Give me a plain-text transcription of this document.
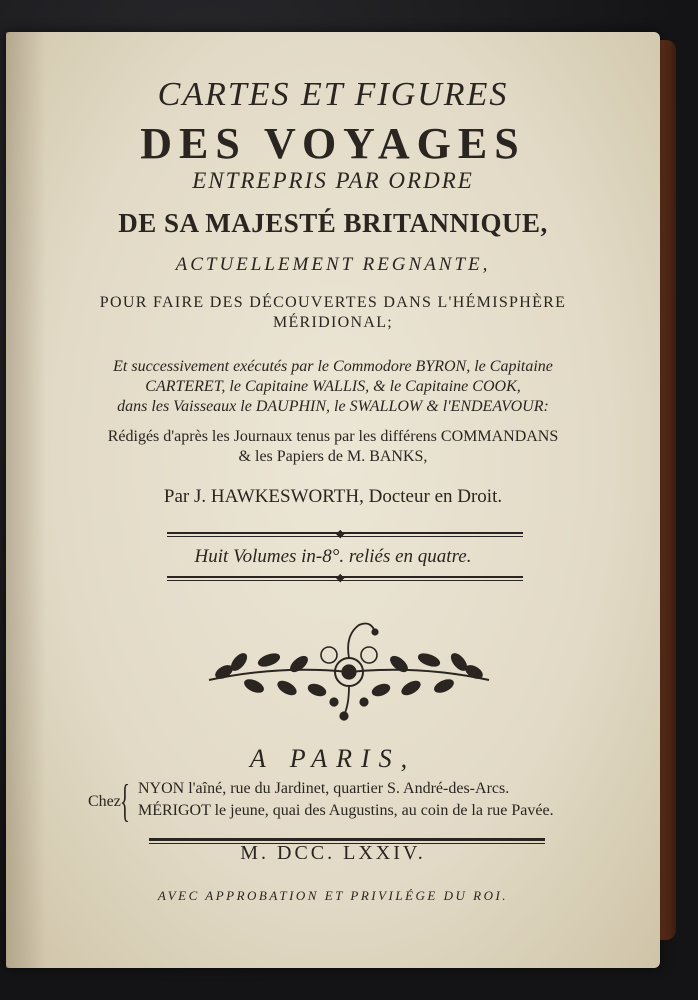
CARTES ET FIGURES
DES VOYAGES
ENTREPRIS PAR ORDRE
DE SA MAJESTÉ BRITANNIQUE,
ACTUELLEMENT REGNANTE,
POUR FAIRE DES DÉCOUVERTES DANS L'HÉMISPHÈRE
MÉRIDIONAL;
Et successivement exécutés par le Commodore BYRON, le Capitaine
CARTERET, le Capitaine WALLIS, & le Capitaine COOK,
dans les Vaisseaux le DAUPHIN, le SWALLOW & l'ENDEAVOUR:
Rédigés d'après les Journaux tenus par les différens COMMANDANS
& les Papiers de M. BANKS,
Par J. HAWKESWORTH, Docteur en Droit.
◆
Huit Volumes in-8°. reliés en quatre.
◆
A PARIS,
Chez { NYON l'aîné, rue du Jardinet, quartier S. André-des-Arcs.
MÉRIGOT le jeune, quai des Augustins, au coin de la rue Pavée.
M. DCC. LXXIV.
AVEC APPROBATION ET PRIVILÉGE DU ROI.
